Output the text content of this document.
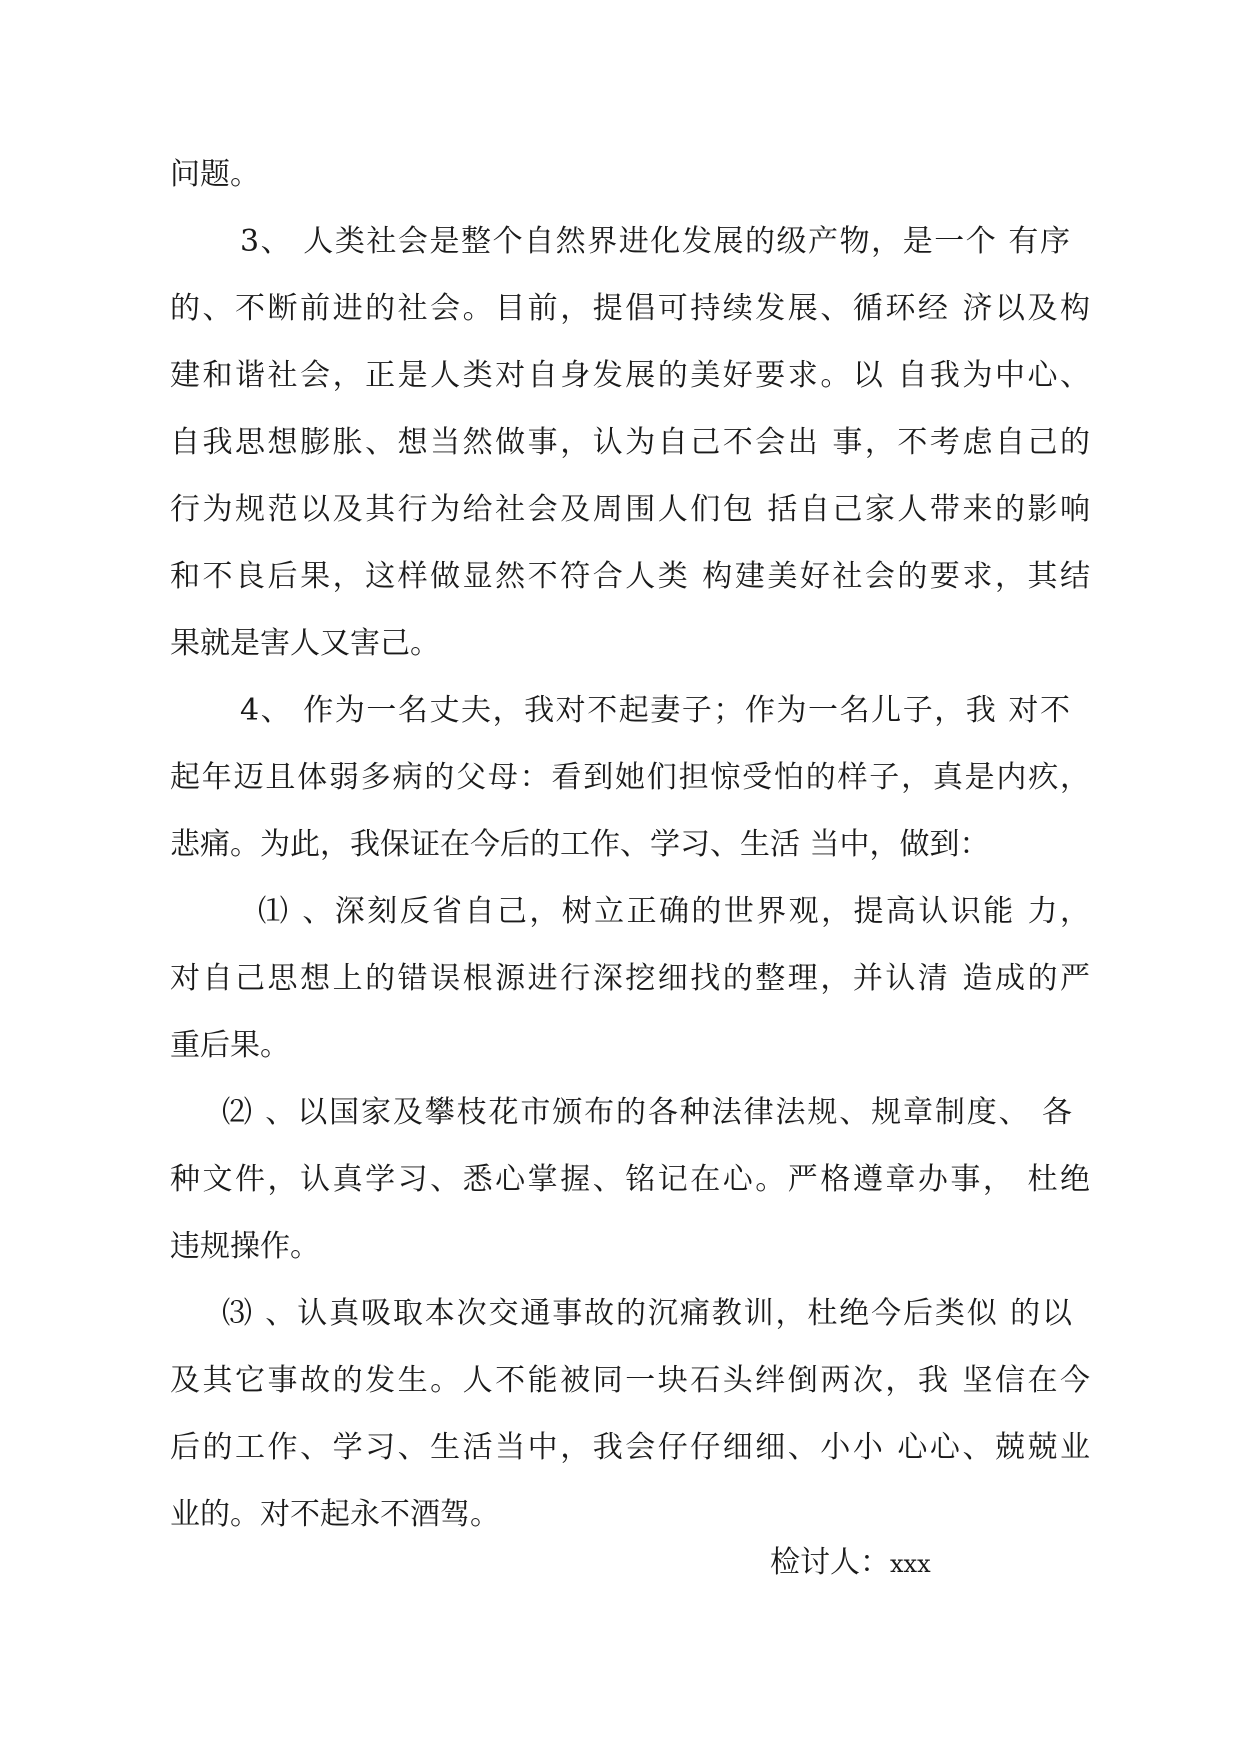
问题。
3、 人类社会是整个自然界进化发展的级产物，是一个 有序
的、不断前进的社会。目前，提倡可持续发展、循环经 济以及构
建和谐社会，正是人类对自身发展的美好要求。以 自我为中心、
自我思想膨胀、想当然做事，认为自己不会出 事，不考虑自己的
行为规范以及其行为给社会及周围人们包 括自己家人带来的影响
和不良后果，这样做显然不符合人类 构建美好社会的要求，其结
果就是害人又害己。
4、 作为一名丈夫，我对不起妻子；作为一名儿子，我 对不
起年迈且体弱多病的父母：看到她们担惊受怕的样子，真是内疚，
悲痛。为此，我保证在今后的工作、学习、生活 当中，做到：
⑴ 、深刻反省自己，树立正确的世界观，提高认识能 力，
对自己思想上的错误根源进行深挖细找的整理，并认清 造成的严
重后果。
⑵ 、以国家及攀枝花市颁布的各种法律法规、规章制度、 各
种文件，认真学习、悉心掌握、铭记在心。严格遵章办事， 杜绝
违规操作。
⑶ 、认真吸取本次交通事故的沉痛教训，杜绝今后类似 的以
及其它事故的发生。人不能被同一块石头绊倒两次，我 坚信在今
后的工作、学习、生活当中，我会仔仔细细、小小 心心、兢兢业
业的。对不起永不酒驾。
检讨人：xxx
